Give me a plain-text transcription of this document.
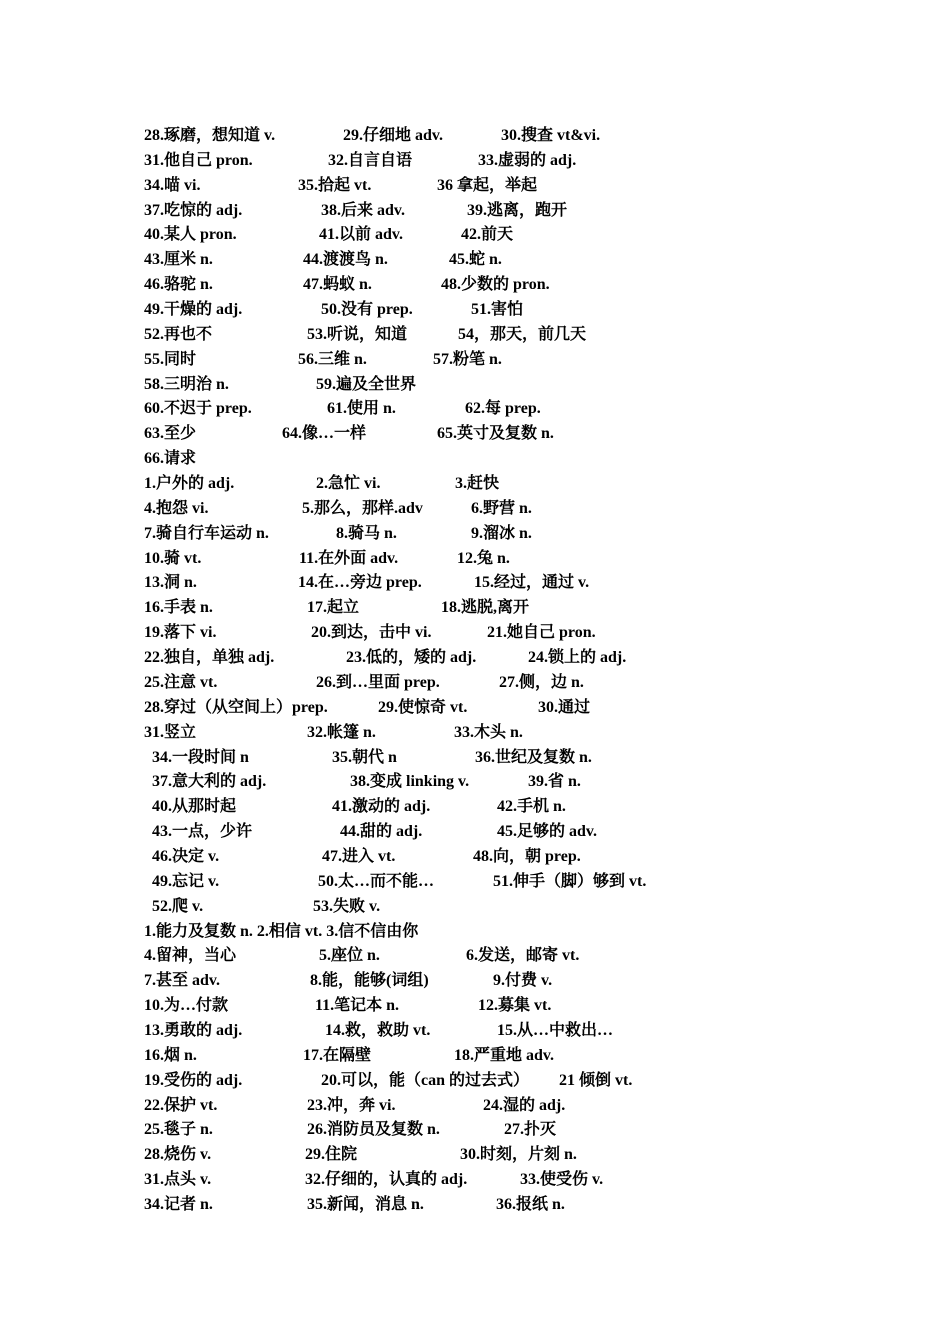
28.琢磨，想知道 v.	29.仔细地 adv.	30.搜查 vt&vi.
31.他自己 pron.	32.自言自语	33.虚弱的 adj.
34.喵 vi.	35.拾起 vt.	36 拿起，举起
37.吃惊的 adj.	38.后来 adv.	39.逃离，跑开
40.某人 pron.	41.以前 adv.	42.前天
43.厘米 n.	44.渡渡鸟 n.	45.蛇 n.
46.骆驼 n.	47.蚂蚁 n.	48.少数的 pron.
49.干燥的 adj.	50.没有 prep.	51.害怕
52.再也不	53.听说，知道	54，那天，前几天
55.同时	56.三维 n.	57.粉笔 n.
58.三明治 n.	59.遍及全世界
60.不迟于 prep.	61.使用 n.	62.每 prep.
63.至少	64.像…一样	65.英寸及复数 n.
66.请求
1.户外的 adj.	2.急忙 vi.	3.赶快
4.抱怨 vi.	5.那么，那样.adv	6.野营 n.
7.骑自行车运动 n.	8.骑马 n.	9.溜冰 n.
10.骑 vt.	11.在外面 adv.	12.兔 n.
13.洞 n.	14.在…旁边 prep.	15.经过，通过 v.
16.手表 n.	17.起立	18.逃脱,离开
19.落下 vi.	20.到达，击中 vi.	21.她自己 pron.
22.独自，单独 adj.	23.低的，矮的 adj.	24.锁上的 adj.
25.注意 vt.	26.到…里面 prep.	27.侧，边 n.
28.穿过（从空间上）prep.	29.使惊奇 vt.	30.通过
31.竖立	32.帐篷 n.	33.木头 n.
34.一段时间 n	35.朝代 n	36.世纪及复数 n.
37.意大利的 adj.	38.变成 linking v.	39.省 n.
40.从那时起	41.激动的 adj.	42.手机 n.
43.一点，少许	44.甜的 adj.	45.足够的 adv.
46.决定 v.	47.进入 vt.	48.向，朝 prep.
49.忘记 v.	50.太…而不能…	51.伸手（脚）够到 vt.
52.爬 v.	53.失败 v.
1.能力及复数 n. 2.相信 vt. 3.信不信由你
4.留神，当心	5.座位 n.	6.发送，邮寄 vt.
7.甚至 adv.	8.能，能够(词组)	9.付费 v.
10.为…付款	11.笔记本 n.	12.募集 vt.
13.勇敢的 adj.	14.救，救助 vt.	15.从…中救出…
16.烟 n.	17.在隔壁	18.严重地 adv.
19.受伤的 adj.	20.可以，能（can 的过去式） 21 倾倒 vt.
22.保护 vt.	23.冲，奔 vi.	24.湿的 adj.
25.毯子 n.	26.消防员及复数 n.	27.扑灭
28.烧伤 v.	29.住院	30.时刻，片刻 n.
31.点头 v.	32.仔细的，认真的 adj.	33.使受伤 v.
34.记者 n.	35.新闻，消息 n.	36.报纸 n.
